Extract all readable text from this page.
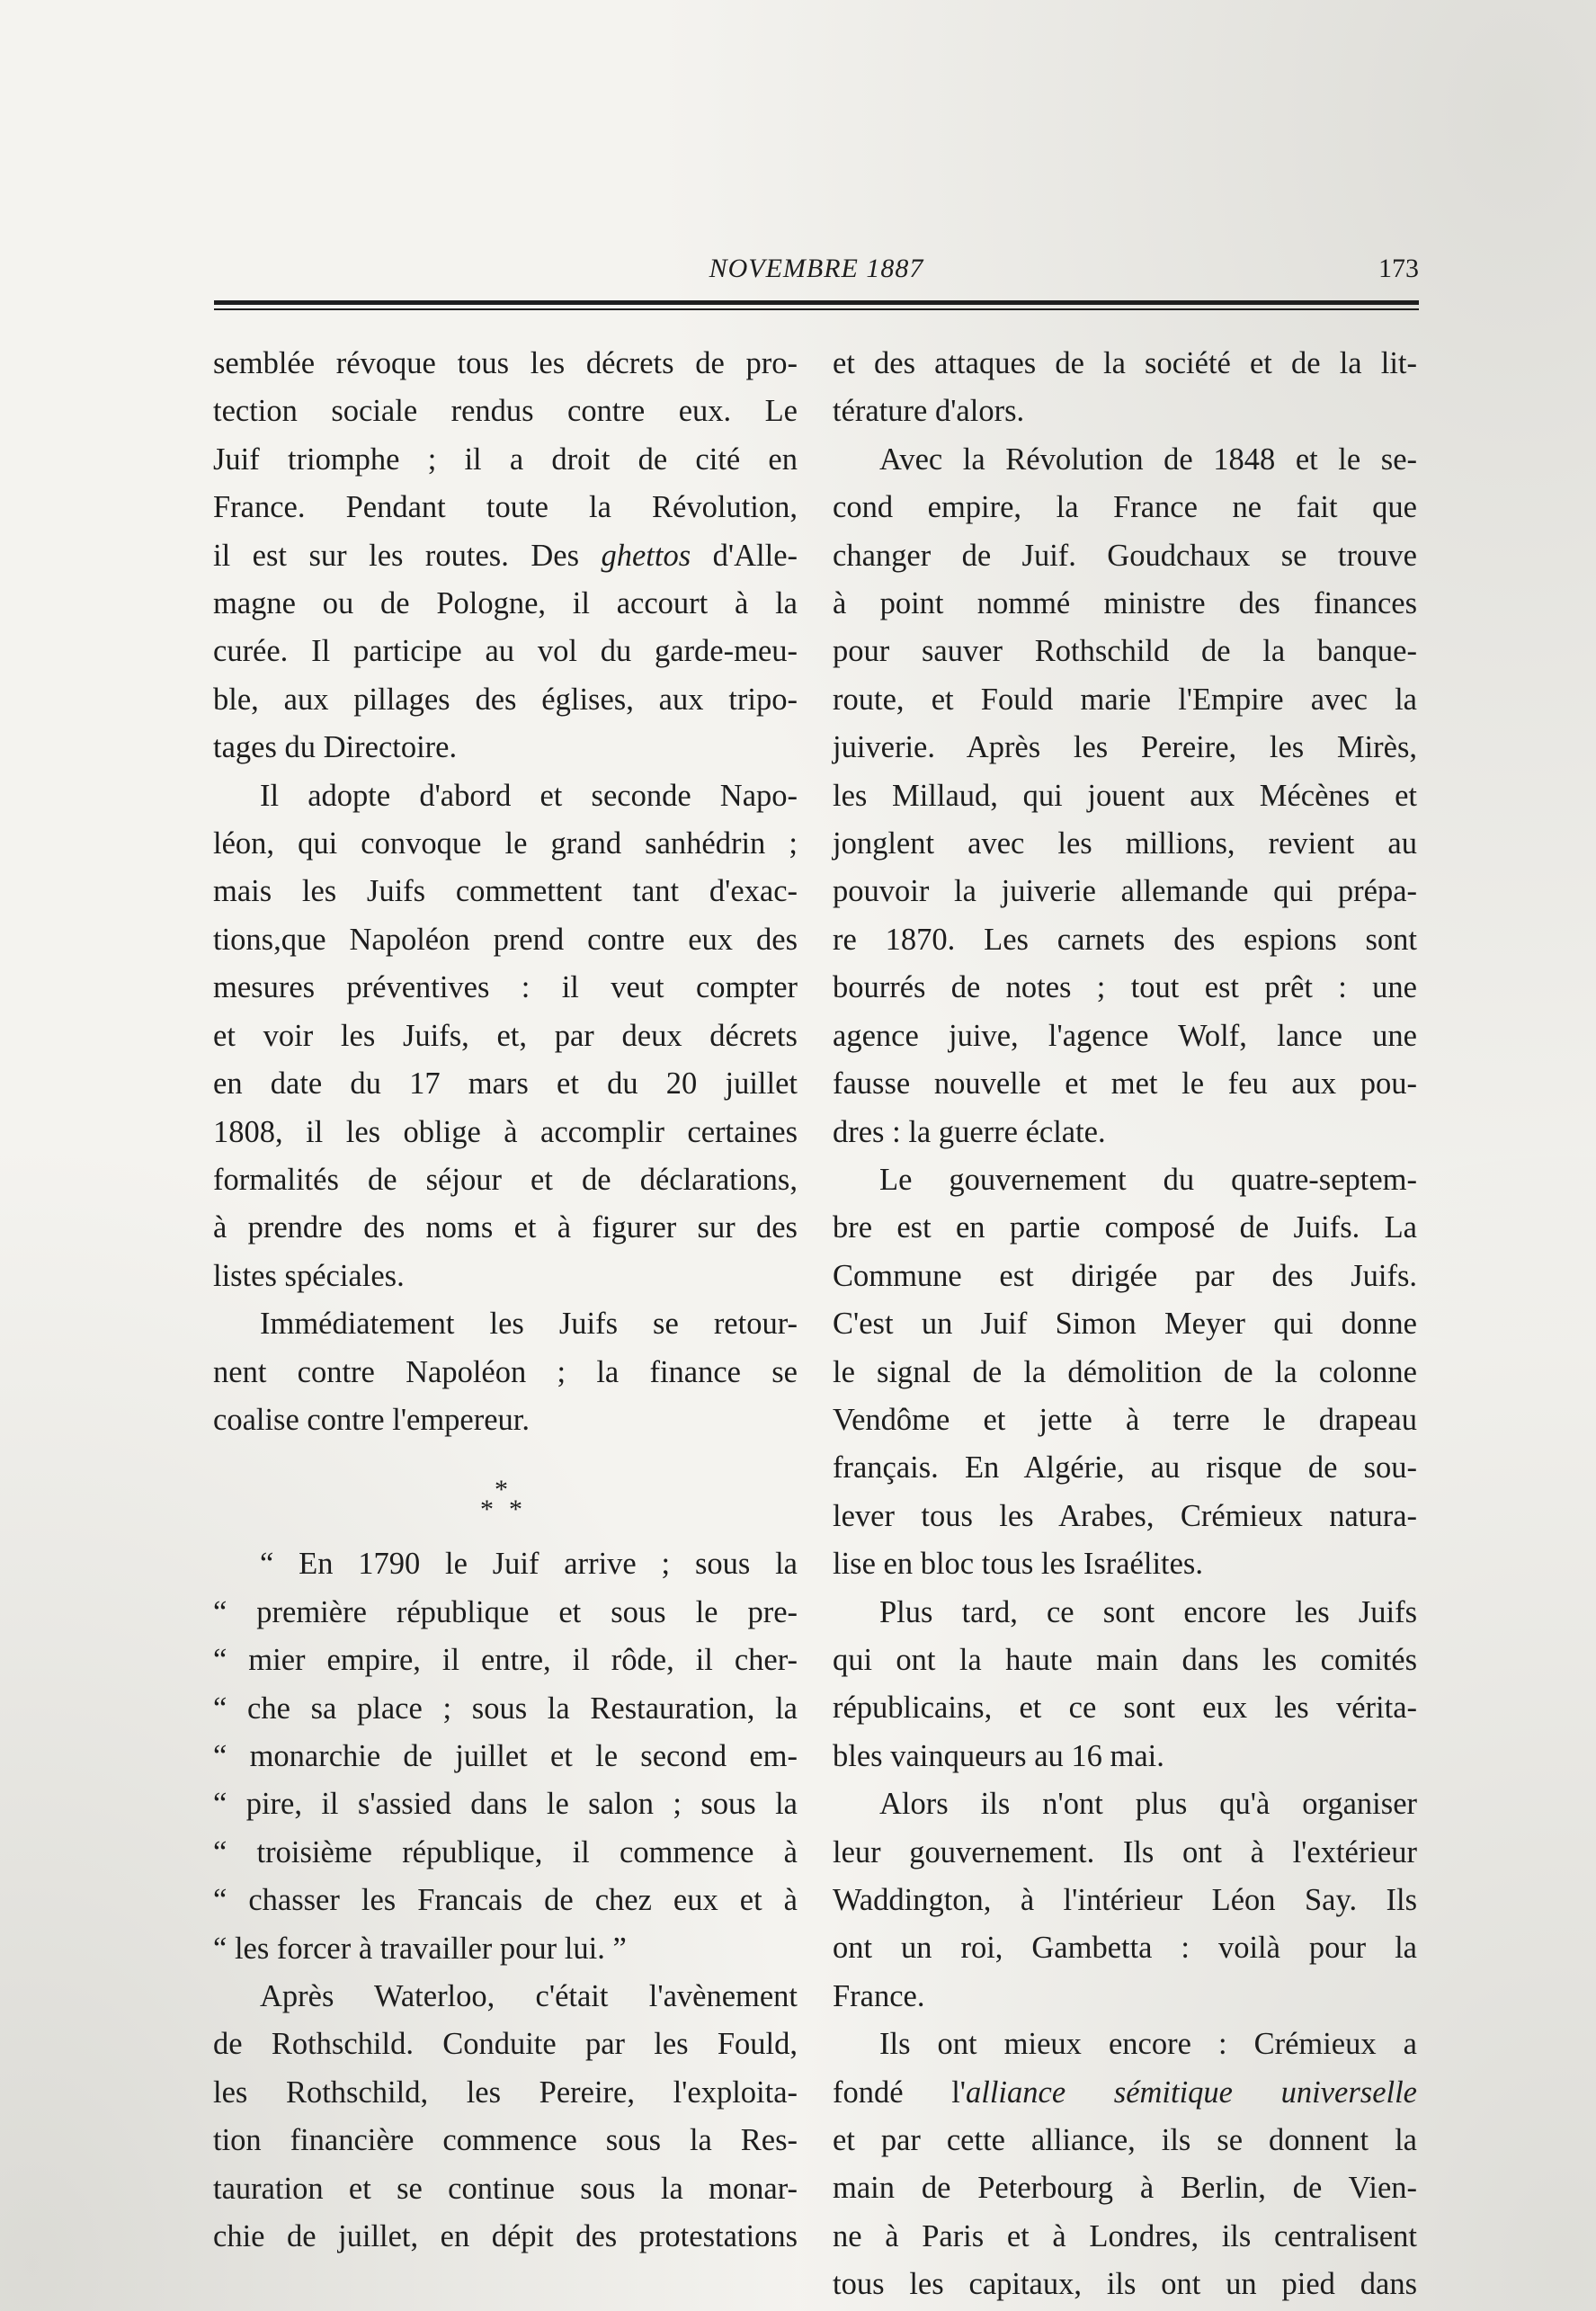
NOVEMBRE 1887	173

semblée révoque tous les décrets de pro-
tection sociale rendus contre eux. Le
Juif triomphe ; il a droit de cité en
France. Pendant toute la Révolution,
il est sur les routes. Des ghettos d'Alle-
magne ou de Pologne, il accourt à la
curée. Il participe au vol du garde-meu-
ble, aux pillages des églises, aux tripo-
tages du Directoire.

Il adopte d'abord et seconde Napo-
léon, qui convoque le grand sanhédrin ;
mais les Juifs commettent tant d'exac-
tions,que Napoléon prend contre eux des
mesures préventives : il veut compter
et voir les Juifs, et, par deux décrets
en date du 17 mars et du 20 juillet
1808, il les oblige à accomplir certaines
formalités de séjour et de déclarations,
à prendre des noms et à figurer sur des
listes spéciales.

Immédiatement les Juifs se retour-
nent contre Napoléon ; la finance se
coalise contre l'empereur.

*
* *

“ En 1790 le Juif arrive ; sous la
“ première république et sous le pre-
“ mier empire, il entre, il rôde, il cher-
“ che sa place ; sous la Restauration, la
“ monarchie de juillet et le second em-
“ pire, il s'assied dans le salon ; sous la
“ troisième république, il commence à
“ chasser les Francais de chez eux et à
“ les forcer à travailler pour lui. ”

Après Waterloo, c'était l'avènement
de Rothschild. Conduite par les Fould,
les Rothschild, les Pereire, l'exploita-
tion financière commence sous la Res-
tauration et se continue sous la monar-
chie de juillet, en dépit des protestations

et des attaques de la société et de la lit-
térature d'alors.

Avec la Révolution de 1848 et le se-
cond empire, la France ne fait que
changer de Juif. Goudchaux se trouve
à point nommé ministre des finances
pour sauver Rothschild de la banque-
route, et Fould marie l'Empire avec la
juiverie. Après les Pereire, les Mirès,
les Millaud, qui jouent aux Mécènes et
jonglent avec les millions, revient au
pouvoir la juiverie allemande qui prépa-
re 1870. Les carnets des espions sont
bourrés de notes ; tout est prêt : une
agence juive, l'agence Wolf, lance une
fausse nouvelle et met le feu aux pou-
dres : la guerre éclate.

Le gouvernement du quatre-septem-
bre est en partie composé de Juifs. La
Commune est dirigée par des Juifs.
C'est un Juif Simon Meyer qui donne
le signal de la démolition de la colonne
Vendôme et jette à terre le drapeau
français. En Algérie, au risque de sou-
lever tous les Arabes, Crémieux natura-
lise en bloc tous les Israélites.

Plus tard, ce sont encore les Juifs
qui ont la haute main dans les comités
républicains, et ce sont eux les vérita-
bles vainqueurs au 16 mai.

Alors ils n'ont plus qu'à organiser
leur gouvernement. Ils ont à l'extérieur
Waddington, à l'intérieur Léon Say. Ils
ont un roi, Gambetta : voilà pour la
France.

Ils ont mieux encore : Crémieux a
fondé l'alliance sémitique universelle
et par cette alliance, ils se donnent la
main de Peterbourg à Berlin, de Vien-
ne à Paris et à Londres, ils centralisent
tous les capitaux, ils ont un pied dans
